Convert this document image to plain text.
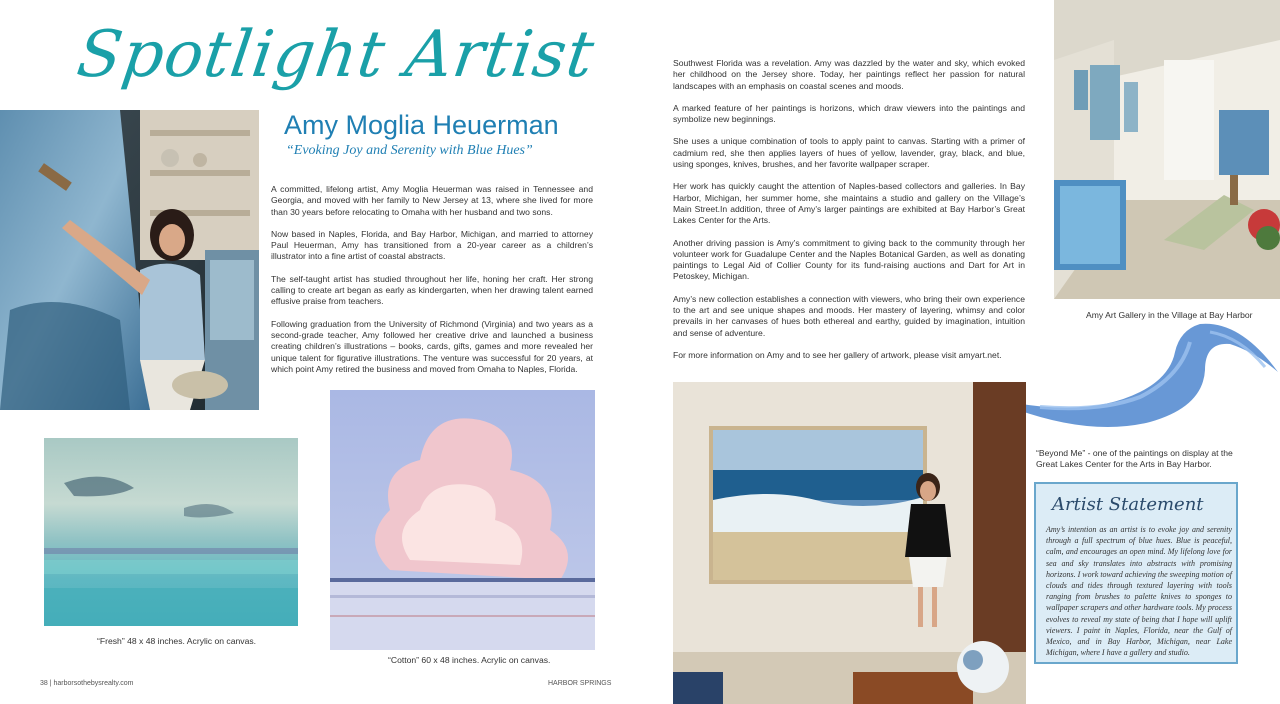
Spotlight Artist
Amy Moglia Heuerman
“Evoking Joy and Serenity with Blue Hues”

A committed, lifelong artist, Amy Moglia Heuerman was raised in Tennessee and Georgia, and moved with her family to New Jersey at 13, where she lived for more than 30 years before relocating to Omaha with her husband and two sons.

Now based in Naples, Florida, and Bay Harbor, Michigan, and married to attorney Paul Heuerman, Amy has transitioned from a 20-year career as a children’s illustrator into a fine artist of coastal abstracts.

The self-taught artist has studied throughout her life, honing her craft. Her strong calling to create art began as early as kindergarten, when her drawing talent earned effusive praise from teachers.

Following graduation from the University of Richmond (Virginia) and two years as a second-grade teacher, Amy followed her creative drive and launched a business creating children’s illustrations – books, cards, gifts, games and more revealed her unique talent for figurative illustrations. The venture was successful for 20 years, at which point Amy retired the business and moved from Omaha to Naples, Florida.

Southwest Florida was a revelation. Amy was dazzled by the water and sky, which evoked her childhood on the Jersey shore. Today, her paintings reflect her passion for natural landscapes with an emphasis on coastal scenes and moods.

A marked feature of her paintings is horizons, which draw viewers into the paintings and symbolize new beginnings.

She uses a unique combination of tools to apply paint to canvas. Starting with a primer of cadmium red, she then applies layers of hues of yellow, lavender, gray, black, and blue, using sponges, knives, brushes, and her favorite wallpaper scraper.

Her work has quickly caught the attention of Naples-based collectors and galleries. In Bay Harbor, Michigan, her summer home, she maintains a studio and gallery on the Village’s Main Street.In addition, three of Amy’s larger paintings are exhibited at Bay Harbor’s Great Lakes Center for the Arts.

Another driving passion is Amy’s commitment to giving back to the community through her volunteer work for Guadalupe Center and the Naples Botanical Garden, as well as donating paintings to Legal Aid of Collier County for its fund-raising auctions and Dart for Art in Petoskey, Michigan.

Amy’s new collection establishes a connection with viewers, who bring their own experience to the art and see unique shapes and moods. Her mastery of layering, whimsy and color prevails in her canvases of hues both ethereal and earthy, guided by imagination, intuition and sense of adventure.

For more information on Amy and to see her gallery of artwork, please visit amyart.net.

“Fresh” 48 x 48 inches. Acrylic on canvas.
“Cotton” 60 x 48 inches. Acrylic on canvas.
Amy Art Gallery in the Village at Bay Harbor
“Beyond Me” - one of the paintings on display at the
Great Lakes Center for the Arts in Bay Harbor.
Artist Statement
Amy’s intention as an artist is to evoke joy and serenity through a full spectrum of blue hues. Blue is peaceful, calm, and encourages an open mind. My lifelong love for sea and sky translates into abstracts with promising horizons. I work toward achieving the sweeping motion of clouds and tides through textured layering with tools ranging from brushes to palette knives to sponges to wallpaper scrapers and other hardware tools. My process evolves to reveal my state of being that I hope will uplift viewers. I paint in Naples, Florida, near the Gulf of Mexico, and in Bay Harbor, Michigan, near Lake Michigan, where I have a gallery and studio.
38 | harborsothebysrealty.com	HARBOR SPRINGS
